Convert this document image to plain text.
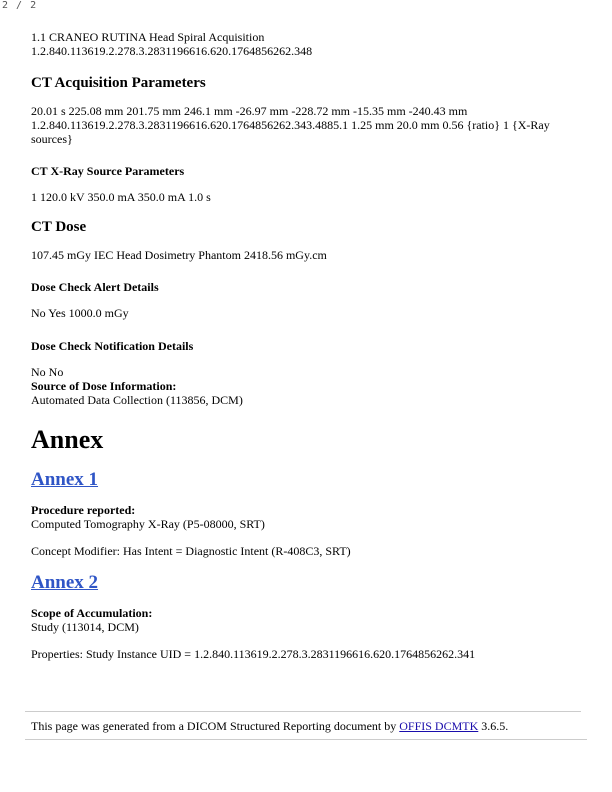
2 / 2

1.1 CRANEO RUTINA Head Spiral Acquisition

1.2.840.113619.2.278.3.2831196616.620.1764856262.348

CT Acquisition Parameters

20.01 s 225.08 mm 201.75 mm 246.1 mm -26.97 mm -228.72 mm -15.35 mm -240.43 mm 1.2.840.113619.2.278.3.2831196616.620.1764856262.343.4885.1 1.25 mm 20.0 mm 0.56 {ratio} 1 {X-Ray sources}

CT X-Ray Source Parameters

1 120.0 kV 350.0 mA 350.0 mA 1.0 s

CT Dose

107.45 mGy IEC Head Dosimetry Phantom 2418.56 mGy.cm

Dose Check Alert Details

No Yes 1000.0 mGy

Dose Check Notification Details

No No

Source of Dose Information:

Automated Data Collection (113856, DCM)

Annex
Annex 1

Procedure reported:

Computed Tomography X-Ray (P5-08000, SRT)

Concept Modifier: Has Intent = Diagnostic Intent (R-408C3, SRT)

Annex 2

Scope of Accumulation:

Study (113014, DCM)

Properties: Study Instance UID = 1.2.840.113619.2.278.3.2831196616.620.1764856262.341

This page was generated from a DICOM Structured Reporting document by OFFIS DCMTK 3.6.5.
